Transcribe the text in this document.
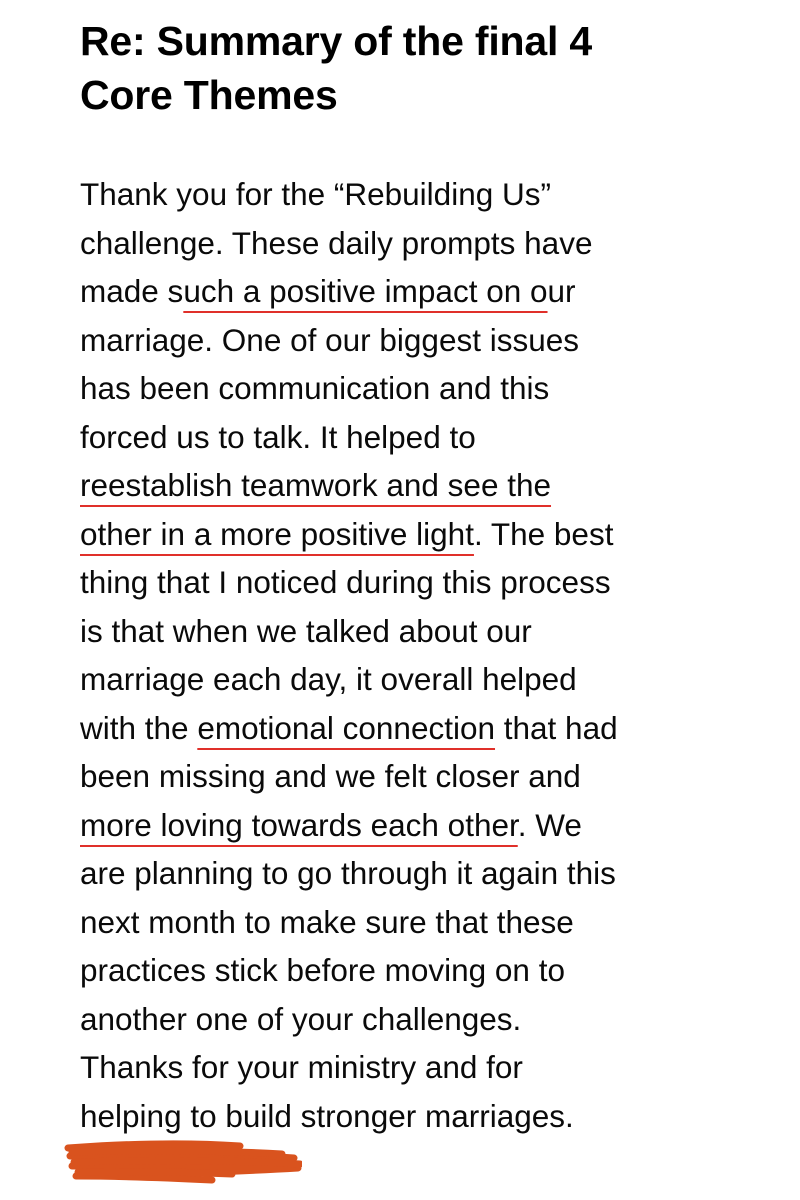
Re: Summary of the final 4
Core Themes
Thank you for the “Rebuilding Us”
challenge. These daily prompts have
made such a positive impact on our
marriage. One of our biggest issues
has been communication and this
forced us to talk. It helped to
reestablish teamwork and see the
other in a more positive light. The best
thing that I noticed during this process
is that when we talked about our
marriage each day, it overall helped
with the emotional connection that had
been missing and we felt closer and
more loving towards each other. We
are planning to go through it again this
next month to make sure that these
practices stick before moving on to
another one of your challenges.
Thanks for your ministry and for
helping to build stronger marriages.
